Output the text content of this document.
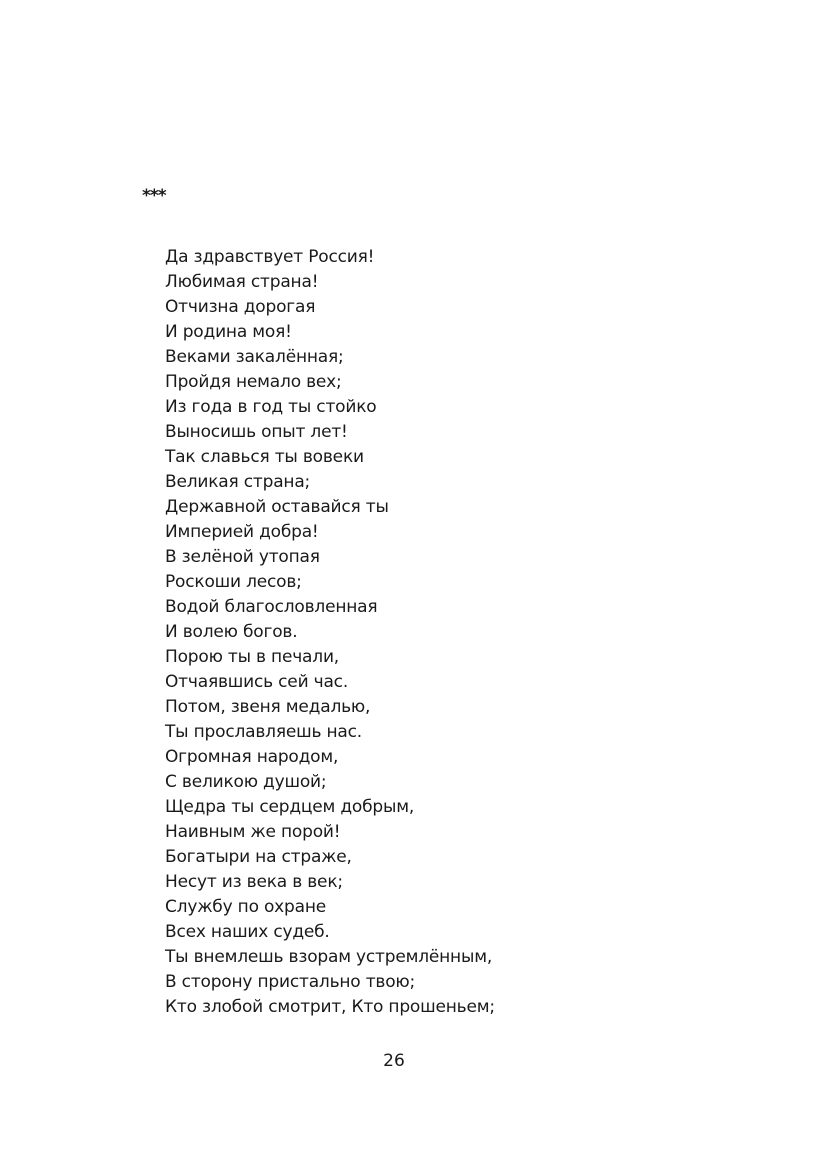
***
Да здравствует Россия!
Любимая страна!
Отчизна дорогая
И родина моя!
Веками закалённая;
Пройдя немало вех;
Из года в год ты стойко
Выносишь опыт лет!
Так славься ты вовеки
Великая страна;
Державной оставайся ты
Империей добра!
В зелёной утопая
Роскоши лесов;
Водой благословленная
И волею богов.
Порою ты в печали,
Отчаявшись сей час.
Потом, звеня медалью,
Ты прославляешь нас.
Огромная народом,
С великою душой;
Щедра ты сердцем добрым,
Наивным же порой!
Богатыри на страже,
Несут из века в век;
Службу по охране
Всех наших судеб.
Ты внемлешь взорам устремлённым,
В сторону пристально твою;
Кто злобой смотрит, Кто прошеньем;
26
